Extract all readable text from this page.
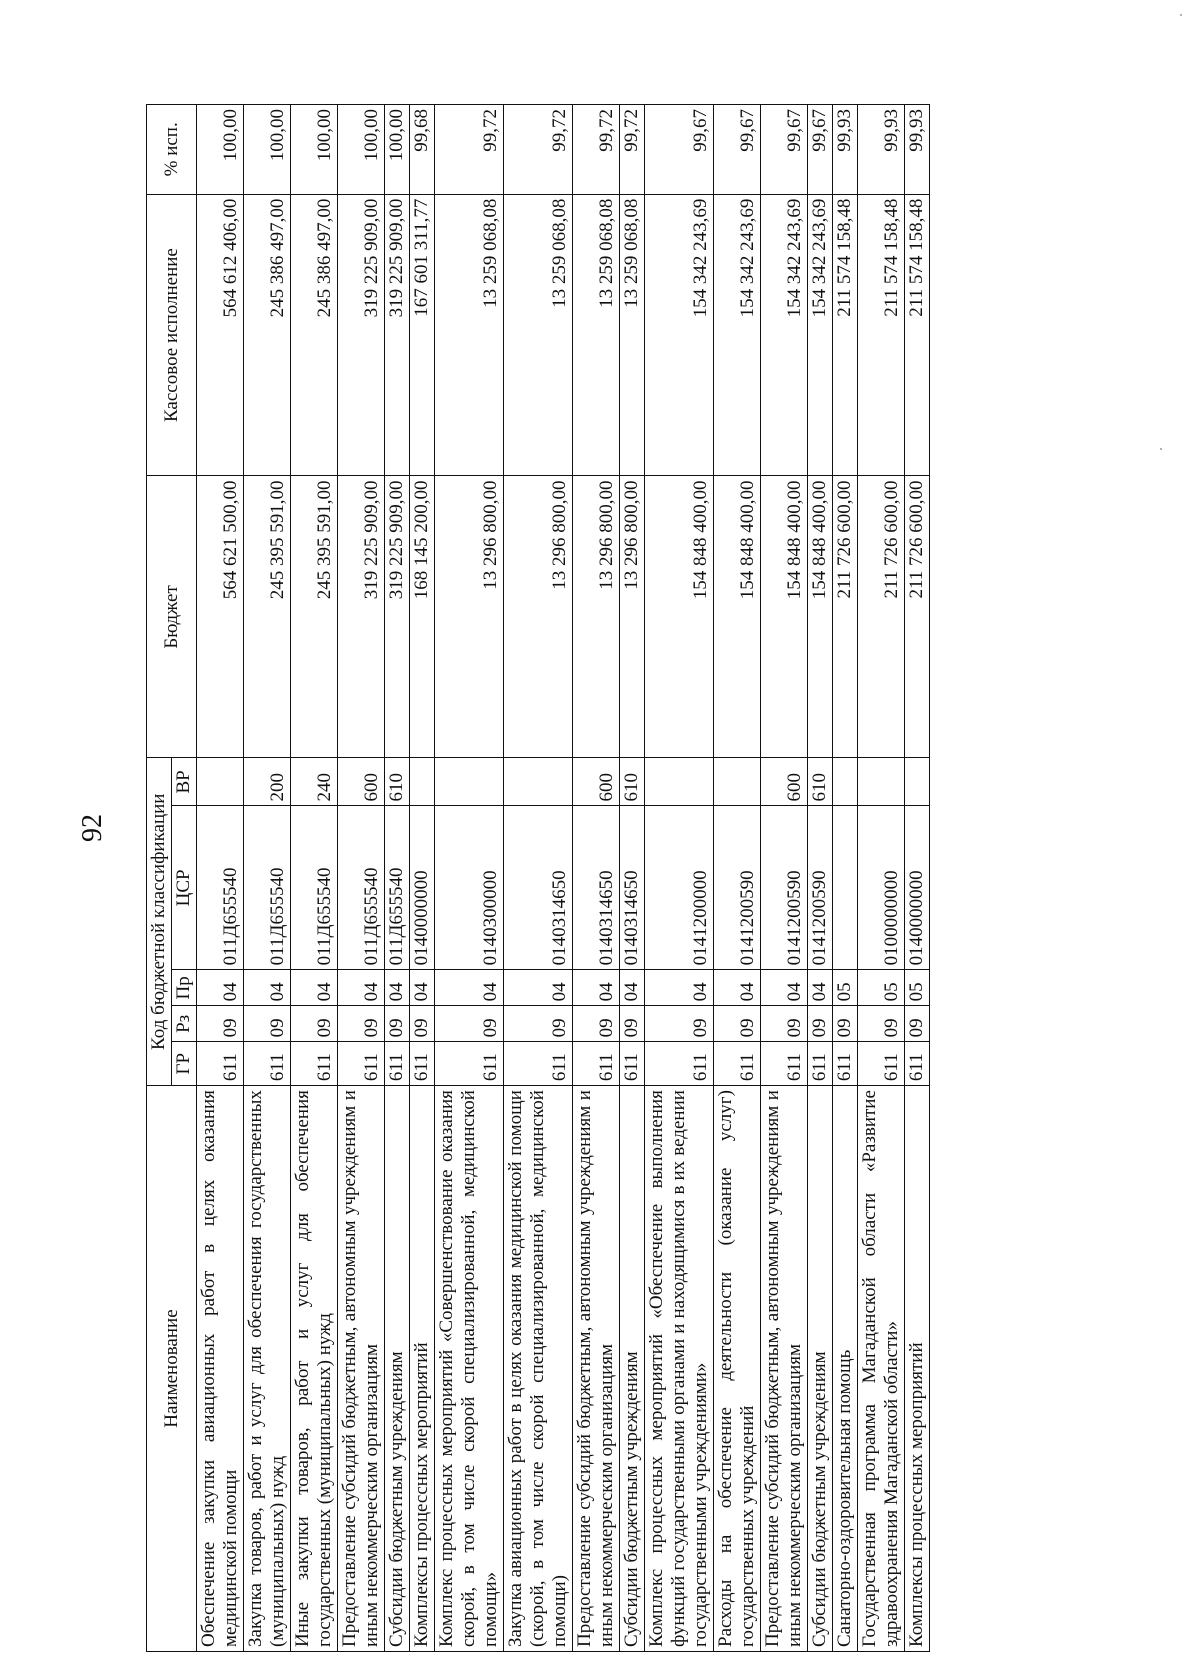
92
Наименование	Код бюджетной классификации					Бюджет	Кассовое исполнение	% исп.
	ГР	Рз	Пр	ЦСР	ВР			
Обеспечение закупки авиационных работ в целях оказания медицинской помощи	611	09	04	011Д655540		564 621 500,00	564 612 406,00	100,00
Закупка товаров, работ и услуг для обеспечения государственных (муниципальных) нужд	611	09	04	011Д655540	200	245 395 591,00	245 386 497,00	100,00
Иные закупки товаров, работ и услуг для обеспечения государственных (муниципальных) нужд	611	09	04	011Д655540	240	245 395 591,00	245 386 497,00	100,00
Предоставление субсидий бюджетным, автономным учреждениям и иным некоммерческим организациям	611	09	04	011Д655540	600	319 225 909,00	319 225 909,00	100,00
Субсидии бюджетным учреждениям	611	09	04	011Д655540	610	319 225 909,00	319 225 909,00	100,00
Комплексы процессных мероприятий	611	09	04	0140000000		168 145 200,00	167 601 311,77	99,68
Комплекс процессных мероприятий «Совершенствование оказания скорой, в том числе скорой специализированной, медицинской помощи»	611	09	04	0140300000		13 296 800,00	13 259 068,08	99,72
Закупка авиационных работ в целях оказания медицинской помощи (скорой, в том числе скорой специализированной, медицинской помощи)	611	09	04	0140314650		13 296 800,00	13 259 068,08	99,72
Предоставление субсидий бюджетным, автономным учреждениям и иным некоммерческим организациям	611	09	04	0140314650	600	13 296 800,00	13 259 068,08	99,72
Субсидии бюджетным учреждениям	611	09	04	0140314650	610	13 296 800,00	13 259 068,08	99,72
Комплекс процессных мероприятий «Обеспечение выполнения функций государственными органами и находящимися в их ведении государственными учреждениями»	611	09	04	0141200000		154 848 400,00	154 342 243,69	99,67
Расходы на обеспечение деятельности (оказание услуг) государственных учреждений	611	09	04	0141200590		154 848 400,00	154 342 243,69	99,67
Предоставление субсидий бюджетным, автономным учреждениям и иным некоммерческим организациям	611	09	04	0141200590	600	154 848 400,00	154 342 243,69	99,67
Субсидии бюджетным учреждениям	611	09	04	0141200590	610	154 848 400,00	154 342 243,69	99,67
Санаторно-оздоровительная помощь	611	09	05			211 726 600,00	211 574 158,48	99,93
Государственная программа Магаданской области «Развитие здравоохранения Магаданской области»	611	09	05	0100000000		211 726 600,00	211 574 158,48	99,93
Комплексы процессных мероприятий	611	09	05	0140000000		211 726 600,00	211 574 158,48	99,93
